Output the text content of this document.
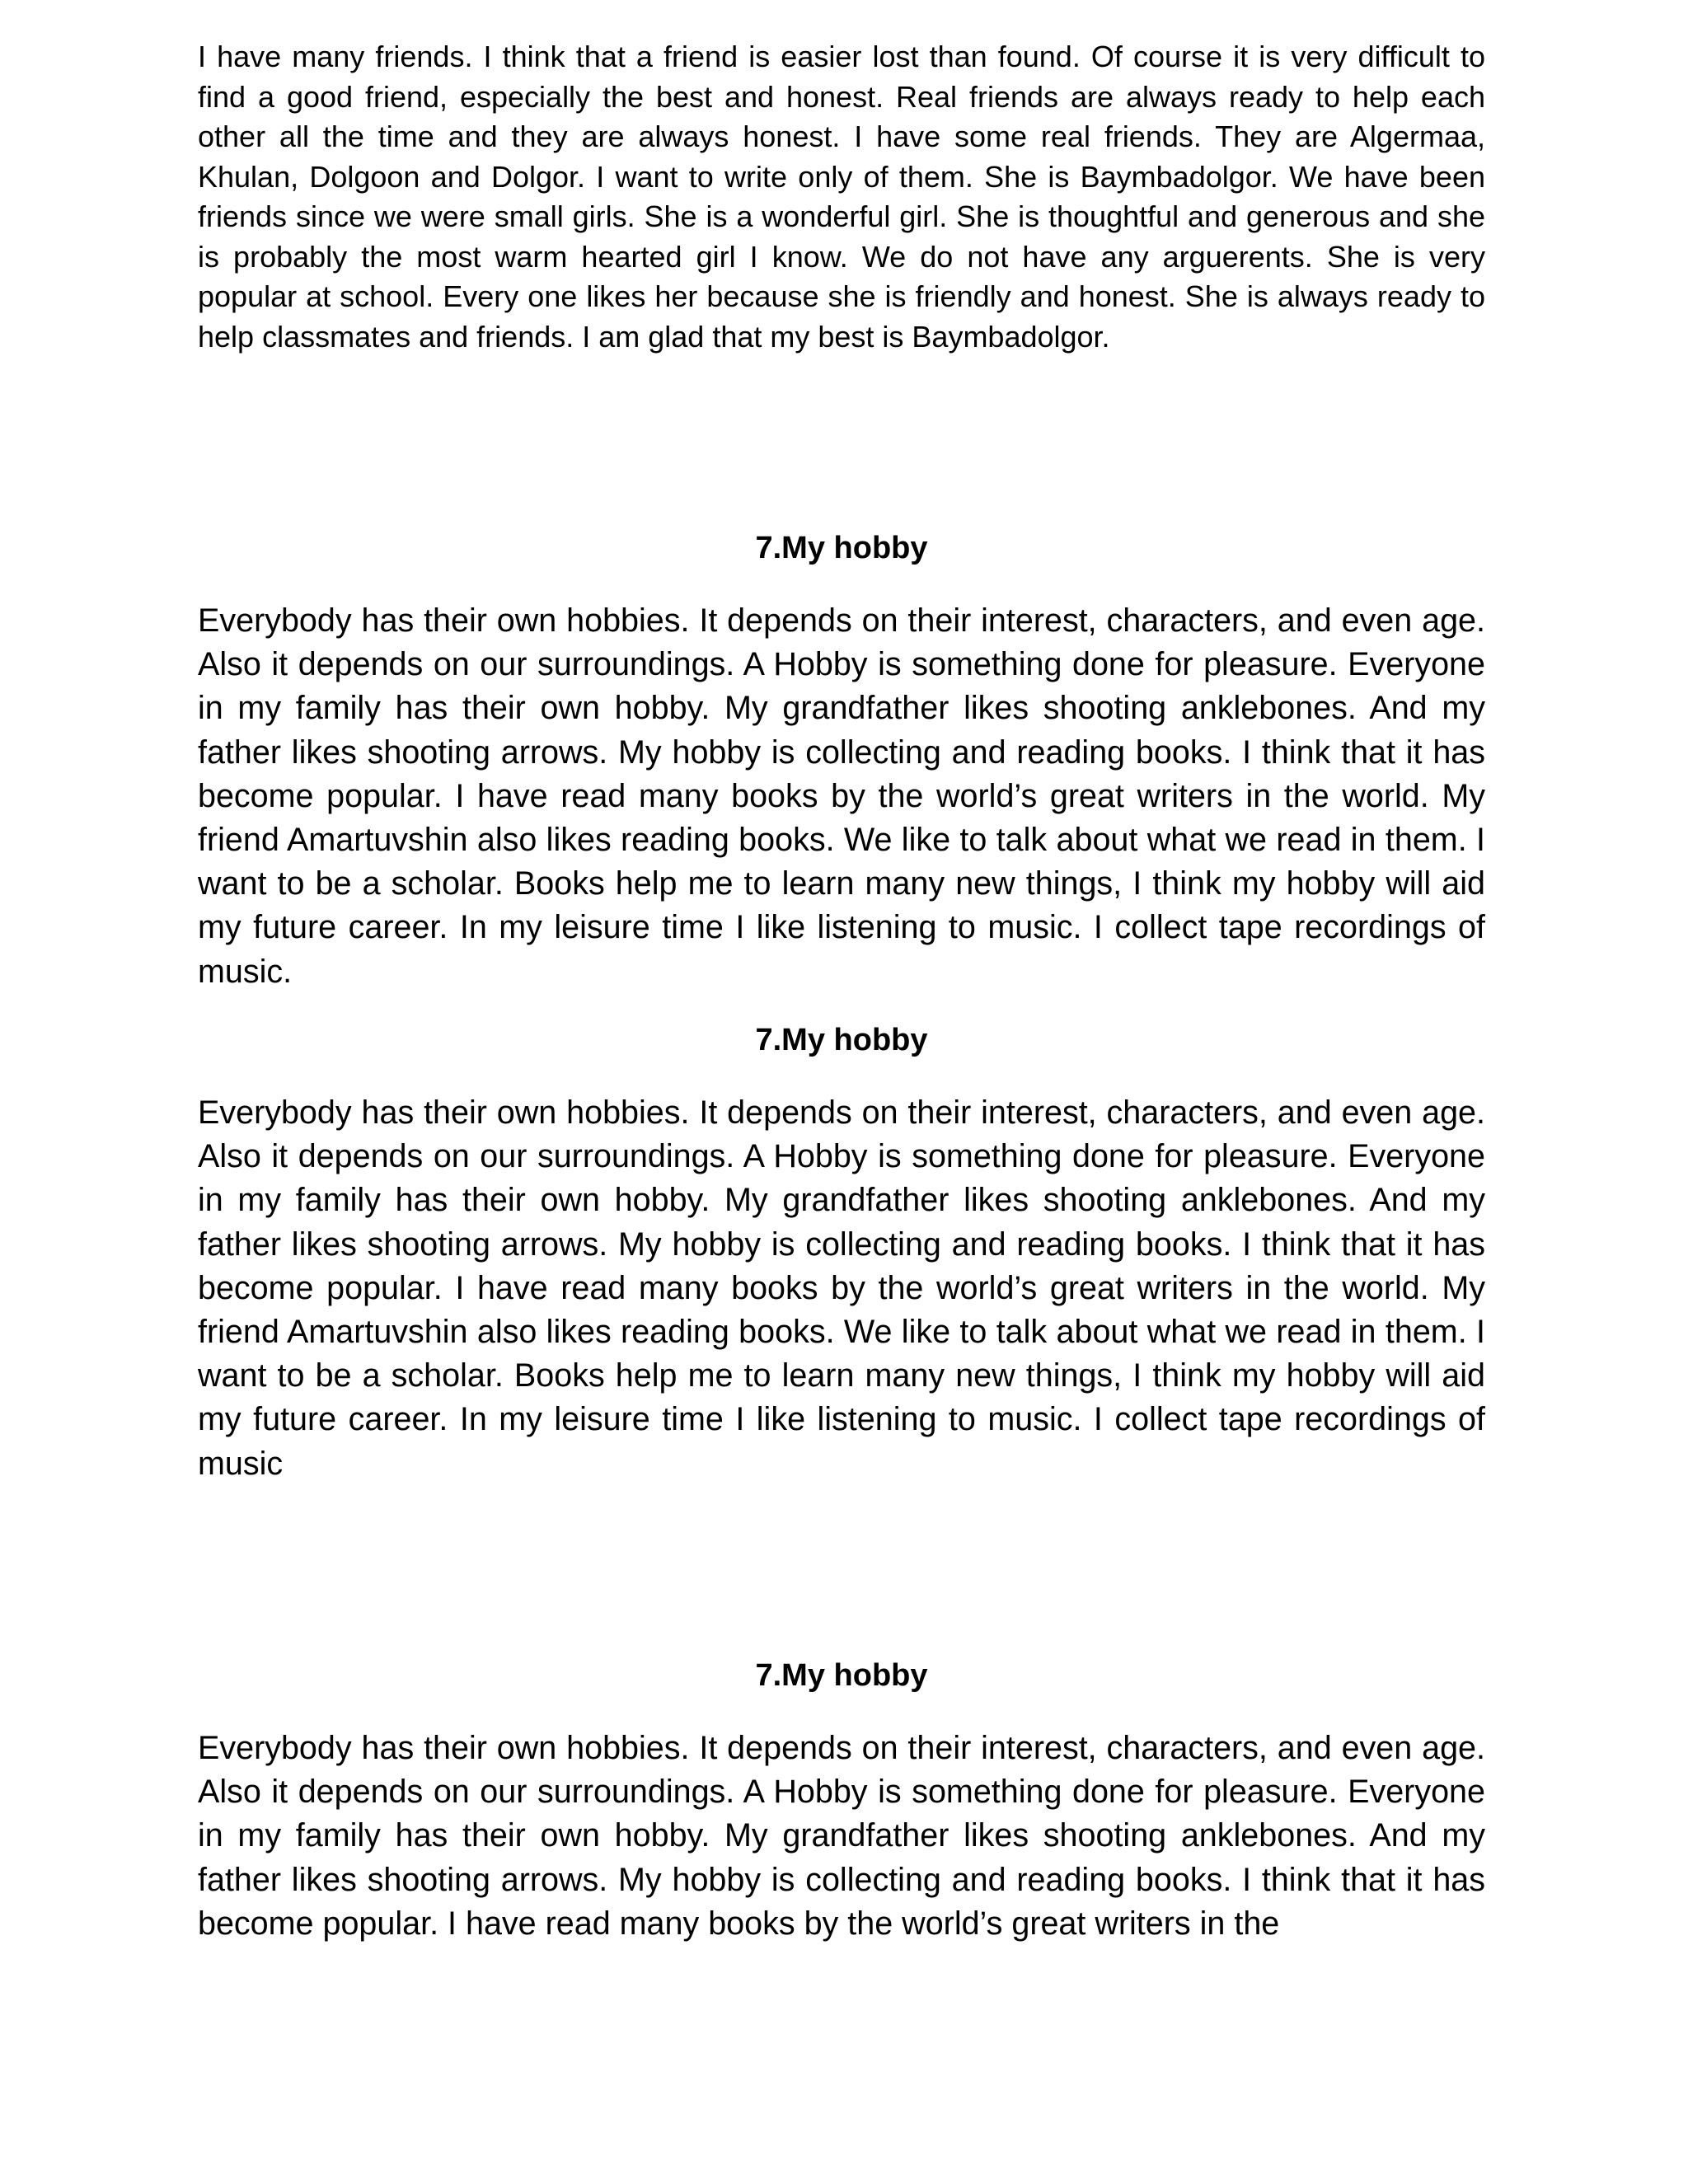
I have many friends. I think that a friend is easier lost than found. Of course it is very difficult to find a good friend, especially the best and honest. Real friends are always ready to help each other all the time and they are always honest. I have some real friends. They are Algermaa, Khulan, Dolgoon and Dolgor. I want to write only of them. She is Baymbadolgor. We have been friends since we were small girls. She is a wonderful girl. She is thoughtful and generous and she is probably the most warm hearted girl I know. We do not have any arguerents. She is very popular at school. Every one likes her because she is friendly and honest. She is always ready to help classmates and friends. I am glad that my best is Baymbadolgor.

7.My hobby

Everybody has their own hobbies. It depends on their interest, characters, and even age. Also it depends on our surroundings. A Hobby is something done for pleasure. Everyone in my family has their own hobby. My grandfather likes shooting anklebones. And my father likes shooting arrows. My hobby is collecting and reading books. I think that it has become popular. I have read many books by the world’s great writers in the world. My friend Amartuvshin also likes reading books. We like to talk about what we read in them. I want to be a scholar. Books help me to learn many new things, I think my hobby will aid my future career. In my leisure time I like listening to music. I collect tape recordings of music.

7.My hobby

Everybody has their own hobbies. It depends on their interest, characters, and even age. Also it depends on our surroundings. A Hobby is something done for pleasure. Everyone in my family has their own hobby. My grandfather likes shooting anklebones. And my father likes shooting arrows. My hobby is collecting and reading books. I think that it has become popular. I have read many books by the world’s great writers in the world. My friend Amartuvshin also likes reading books. We like to talk about what we read in them. I want to be a scholar. Books help me to learn many new things, I think my hobby will aid my future career. In my leisure time I like listening to music. I collect tape recordings of music

7.My hobby

Everybody has their own hobbies. It depends on their interest, characters, and even age. Also it depends on our surroundings. A Hobby is something done for pleasure. Everyone in my family has their own hobby. My grandfather likes shooting anklebones. And my father likes shooting arrows. My hobby is collecting and reading books. I think that it has become popular. I have read many books by the world’s great writers in the
